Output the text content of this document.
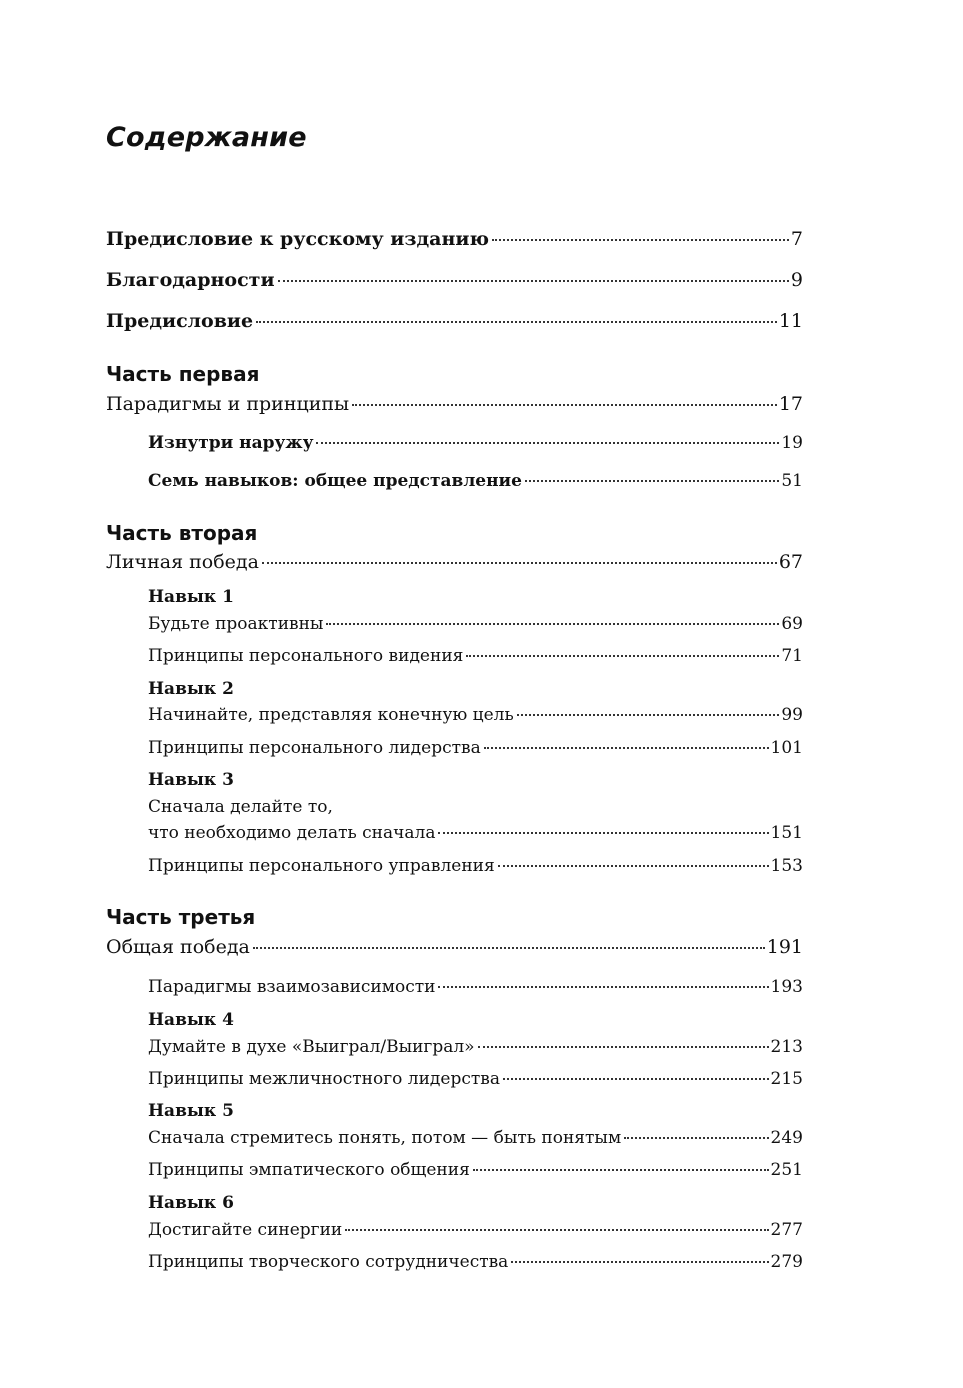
Содержание
Предисловие к русскому изданию	7
Благодарности	9
Предисловие	11
Часть первая
Парадигмы и принципы	17
Изнутри наружу	19
Семь навыков: общее представление	51
Часть вторая
Личная победа	67
Навык 1
Будьте проактивны	69
Принципы персонального видения	71
Навык 2
Начинайте, представляя конечную цель	99
Принципы персонального лидерства	101
Навык 3
Сначала делайте то,
что необходимо делать сначала	151
Принципы персонального управления	153
Часть третья
Общая победа	191
Парадигмы взаимозависимости	193
Навык 4
Думайте в духе «Выиграл/Выиграл»	213
Принципы межличностного лидерства	215
Навык 5
Сначала стремитесь понять, потом — быть понятым	249
Принципы эмпатического общения	251
Навык 6
Достигайте синергии	277
Принципы творческого сотрудничества	279
